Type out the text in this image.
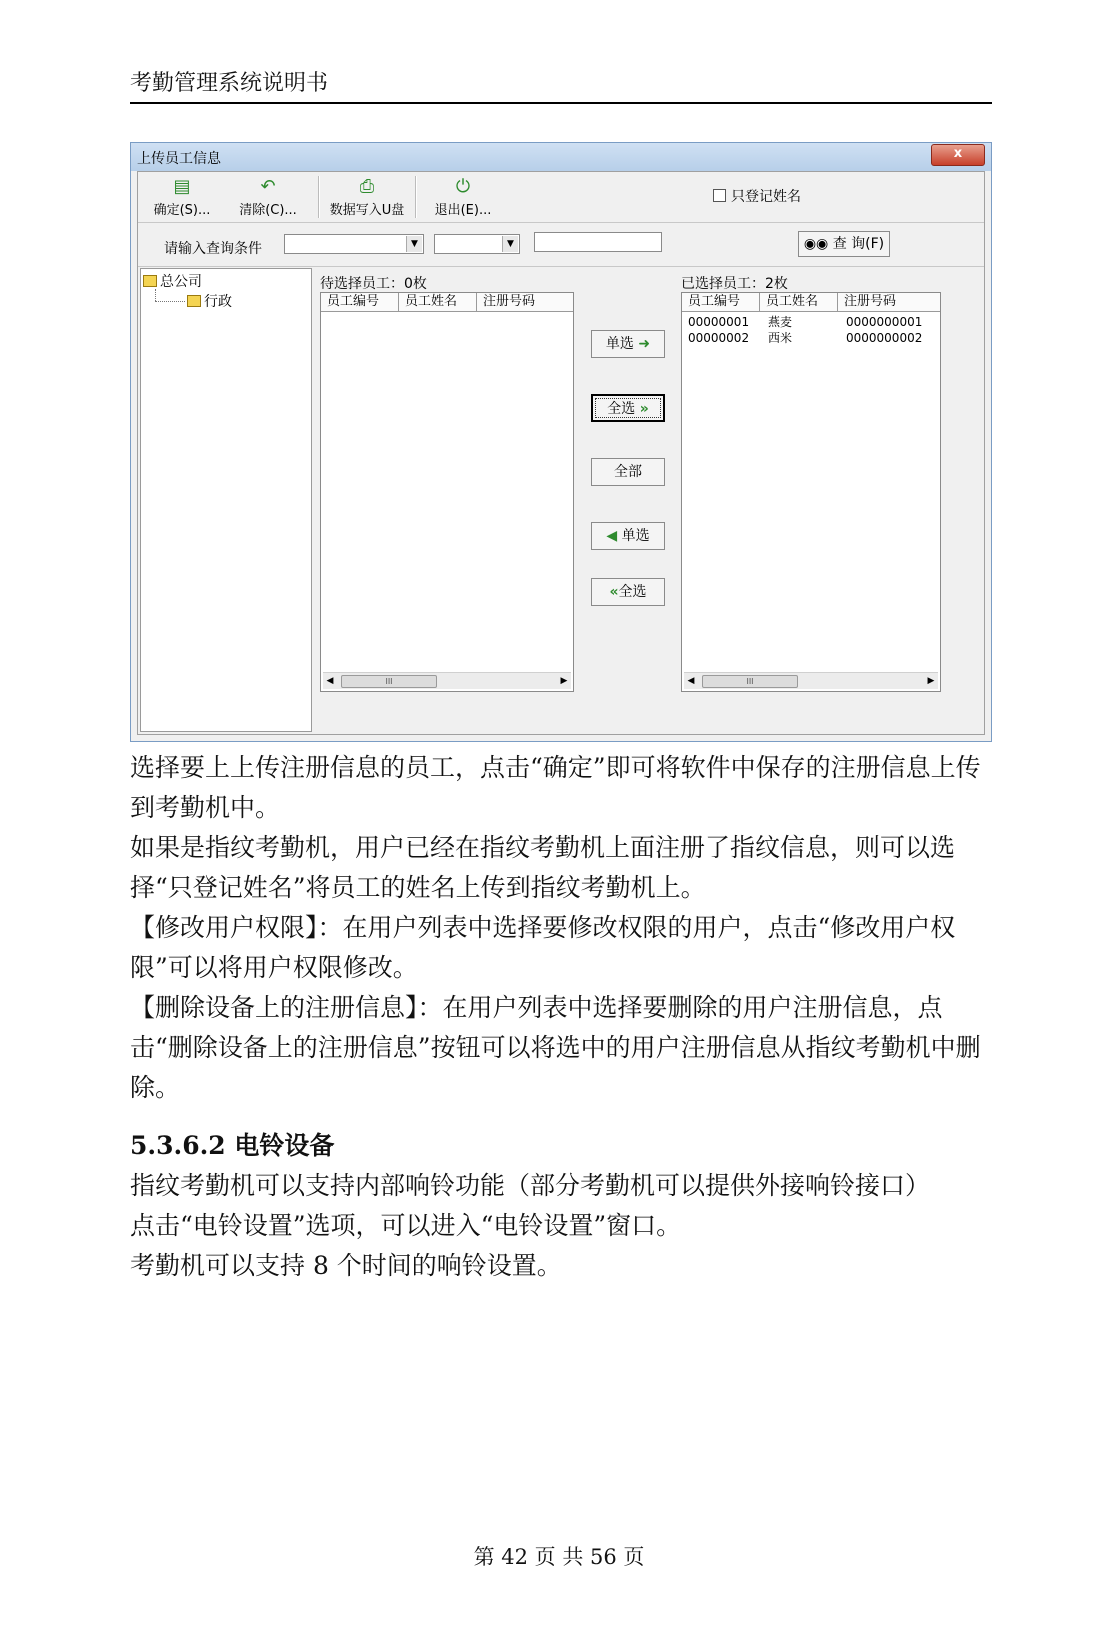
考勤管理系统说明书
上传员工信息	x
▤
确定(S)...
↶
清除(C)...
⎙
数据写入U盘
⏻
退出(E)...
只登记姓名
请输入查询条件	▼	▼	◉◉ 查 询(F)
总公司
行政
待选择员工：0枚
员工编号	员工姓名	注册号码
◀	III	▶
单选 ➜
全选 »
全部
◀ 单选
«全选
已选择员工：2枚
员工编号	员工姓名	注册号码
00000001 燕麦	0000000001
00000002 西米	0000000002
◀	III	▶

选择要上上传注册信息的员工，点击“确定”即可将软件中保存的注册信息上传到考勤机中。

如果是指纹考勤机，用户已经在指纹考勤机上面注册了指纹信息，则可以选择“只登记姓名”将员工的姓名上传到指纹考勤机上。

【修改用户权限】：在用户列表中选择要修改权限的用户，点击“修改用户权限”可以将用户权限修改。

【删除设备上的注册信息】：在用户列表中选择要删除的用户注册信息，点击“删除设备上的注册信息”按钮可以将选中的用户注册信息从指纹考勤机中删除。

5.3.6.2 电铃设备

指纹考勤机可以支持内部响铃功能（部分考勤机可以提供外接响铃接口）

点击“电铃设置”选项，可以进入“电铃设置”窗口。

考勤机可以支持 8 个时间的响铃设置。

第 42 页 共 56 页
